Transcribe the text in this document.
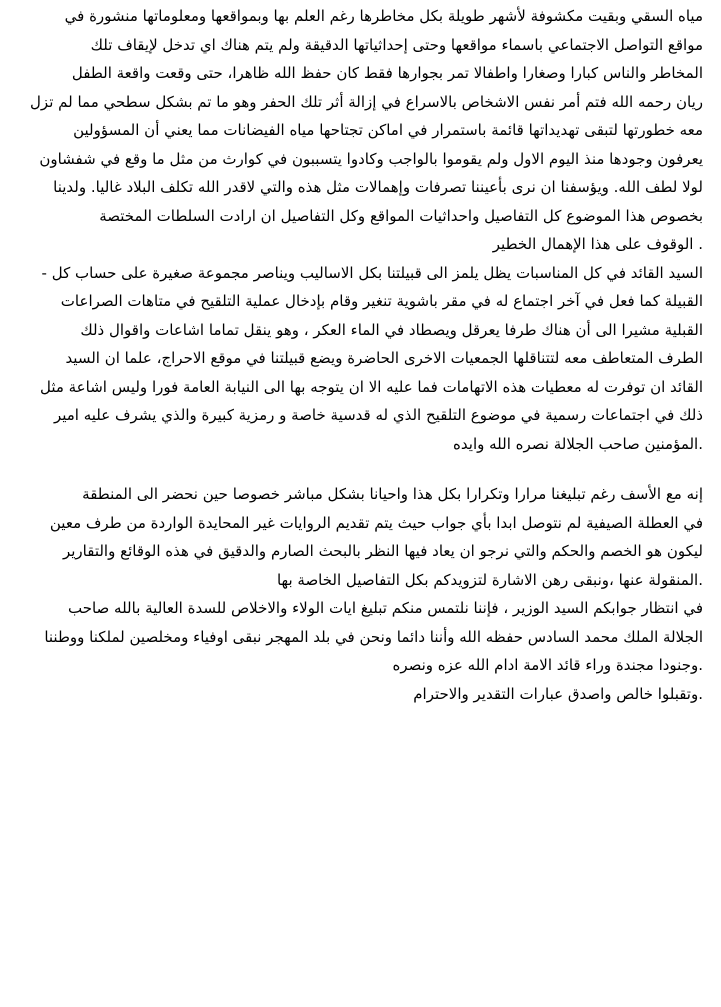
مياه السقي وبقيت مكشوفة لأشهر طويلة بكل مخاطرها رغم العلم بها وبمواقعها ومعلوماتها منشورة في
مواقع التواصل الاجتماعي باسماء مواقعها وحتى إحداثياتها الدقيقة ولم يتم هناك اي تدخل لإيقاف تلك
المخاطر والناس كبارا وصغارا واطفالا تمر بجوارها فقط كان حفظ الله ظاهرا، حتى وقعت واقعة الطفل
ريان رحمه الله فتم أمر نفس الاشخاص بالاسراع في إزالة أثر تلك الحفر وهو ما تم بشكل سطحي مما لم تزل
معه خطورتها لتبقى تهديداتها قائمة باستمرار في اماكن تجتاحها مياه الفيضانات مما يعني أن المسؤولين
يعرفون وجودها منذ اليوم الاول ولم يقوموا بالواجب وكادوا يتسببون في كوارث من مثل ما وقع في شفشاون
لولا لطف الله. ويؤسفنا ان نرى بأعيننا تصرفات وإهمالات مثل هذه والتي لاقدر الله تكلف البلاد غاليا. ولدينا
بخصوص هذا الموضوع كل التفاصيل واحداثيات المواقع وكل التفاصيل ان ارادت السلطات المختصة
. الوقوف على هذا الإهمال الخطير
السيد القائد في كل المناسبات يظل يلمز الى قبيلتنا بكل الاساليب ويناصر مجموعة صغيرة على حساب كل -
القبيلة كما فعل في آخر اجتماع له في مقر باشوية تنغير وقام بإدخال عملية التلقيح في متاهات الصراعات
القبلية مشيرا الى أن هناك طرفا يعرقل ويصطاد في الماء العكر ، وهو ينقل تماما اشاعات واقوال ذلك
الطرف المتعاطف معه لتتناقلها الجمعيات الاخرى الحاضرة ويضع قبيلتنا في موقع الاحراج، علما ان السيد
القائد ان توفرت له معطيات هذه الاتهامات فما عليه الا ان يتوجه بها الى النيابة العامة فورا وليس اشاعة مثل
ذلك في اجتماعات رسمية في موضوع التلقيح الذي له قدسية خاصة و رمزية كبيرة والذي يشرف عليه امير
.المؤمنين صاحب الجلالة نصره الله وايده
إنه مع الأسف رغم تبليغنا مرارا وتكرارا بكل هذا واحيانا بشكل مباشر خصوصا حين نحضر الى المنطقة
في العطلة الصيفية لم نتوصل ابدا بأي جواب حيث يتم تقديم الروايات غير المحايدة الواردة من طرف معين
ليكون هو الخصم والحكم والتي نرجو ان يعاد فيها النظر بالبحث الصارم والدقيق في هذه الوقائع والتقارير
.المنقولة عنها ،ونبقى رهن الاشارة لتزويدكم بكل التفاصيل الخاصة بها
في انتظار جوابكم السيد الوزير ، فإننا نلتمس منكم تبليغ ايات الولاء والاخلاص للسدة العالية بالله صاحب
الجلالة الملك محمد السادس حفظه الله وأننا دائما ونحن في بلد المهجر نبقى اوفياء ومخلصين لملكنا ووطننا
.وجنودا مجندة وراء قائد الامة ادام الله عزه ونصره
.وتقبلوا خالص واصدق عبارات التقدير والاحترام
